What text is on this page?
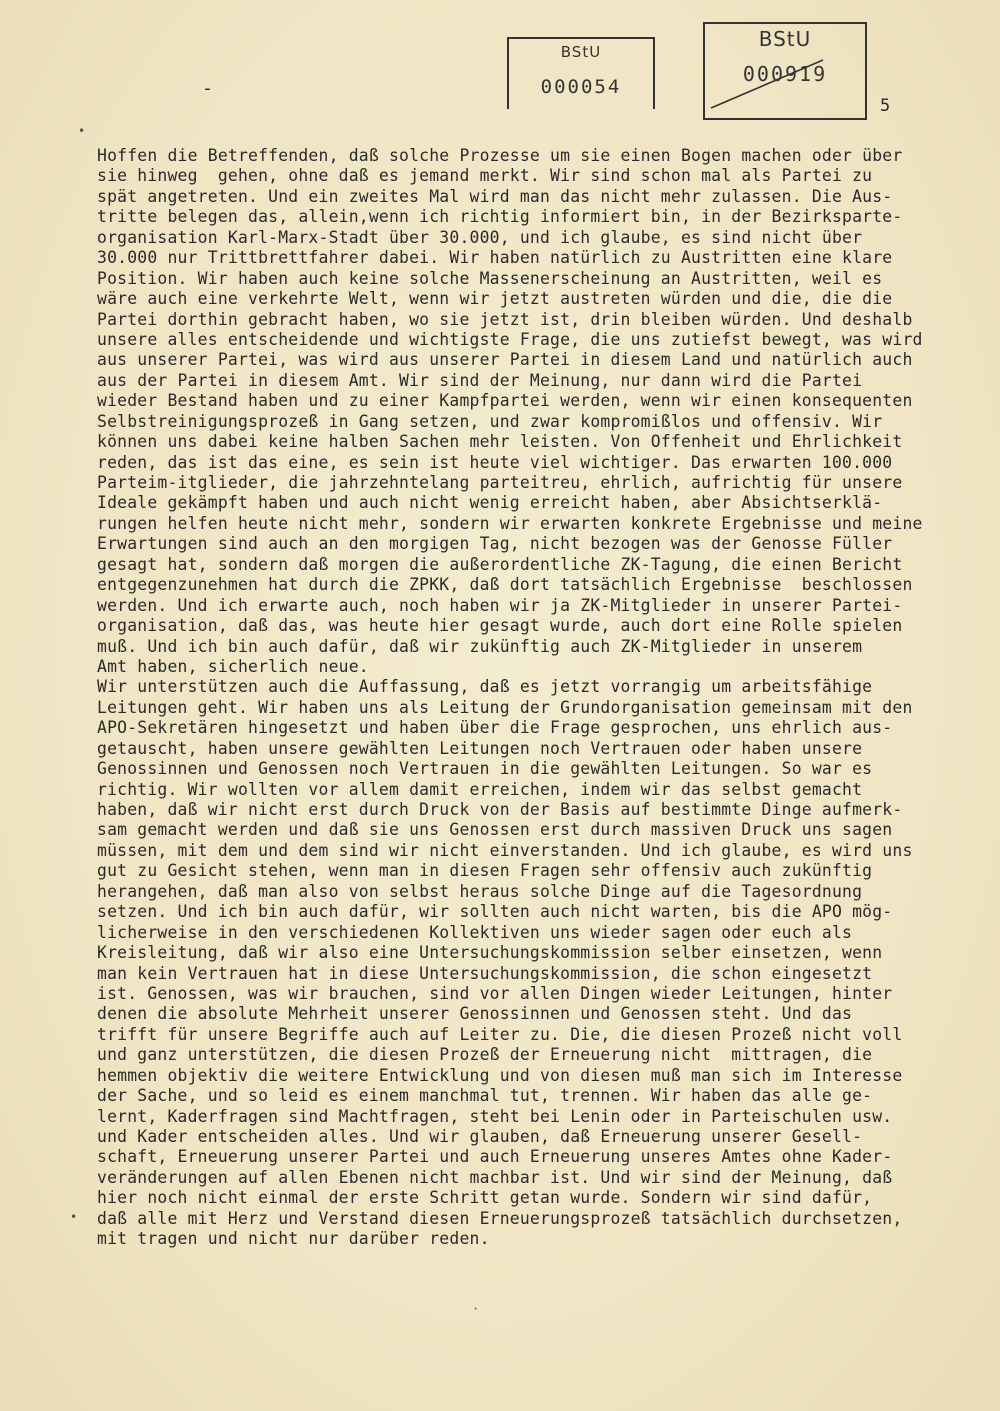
-
BStU
000054
BStU
000919
5
•
·
•
Hoffen die Betreffenden, daß solche Prozesse um sie einen Bogen machen oder über
sie hinweg  gehen, ohne daß es jemand merkt. Wir sind schon mal als Partei zu
spät angetreten. Und ein zweites Mal wird man das nicht mehr zulassen. Die Aus-
tritte belegen das, allein,wenn ich richtig informiert bin, in der Bezirksparte-
organisation Karl-Marx-Stadt über 30.000, und ich glaube, es sind nicht über
30.000 nur Trittbrettfahrer dabei. Wir haben natürlich zu Austritten eine klare
Position. Wir haben auch keine solche Massenerscheinung an Austritten, weil es
wäre auch eine verkehrte Welt, wenn wir jetzt austreten würden und die, die die
Partei dorthin gebracht haben, wo sie jetzt ist, drin bleiben würden. Und deshalb
unsere alles entscheidende und wichtigste Frage, die uns zutiefst bewegt, was wird
aus unserer Partei, was wird aus unserer Partei in diesem Land und natürlich auch
aus der Partei in diesem Amt. Wir sind der Meinung, nur dann wird die Partei
wieder Bestand haben und zu einer Kampfpartei werden, wenn wir einen konsequenten
Selbstreinigungsprozeß in Gang setzen, und zwar kompromißlos und offensiv. Wir
können uns dabei keine halben Sachen mehr leisten. Von Offenheit und Ehrlichkeit
reden, das ist das eine, es sein ist heute viel wichtiger. Das erwarten 100.000
Parteim-itglieder, die jahrzehntelang parteitreu, ehrlich, aufrichtig für unsere
Ideale gekämpft haben und auch nicht wenig erreicht haben, aber Absichtserklä-
rungen helfen heute nicht mehr, sondern wir erwarten konkrete Ergebnisse und meine
Erwartungen sind auch an den morgigen Tag, nicht bezogen was der Genosse Füller
gesagt hat, sondern daß morgen die außerordentliche ZK-Tagung, die einen Bericht
entgegenzunehmen hat durch die ZPKK, daß dort tatsächlich Ergebnisse  beschlossen
werden. Und ich erwarte auch, noch haben wir ja ZK-Mitglieder in unserer Partei-
organisation, daß das, was heute hier gesagt wurde, auch dort eine Rolle spielen
muß. Und ich bin auch dafür, daß wir zukünftig auch ZK-Mitglieder in unserem
Amt haben, sicherlich neue.
Wir unterstützen auch die Auffassung, daß es jetzt vorrangig um arbeitsfähige
Leitungen geht. Wir haben uns als Leitung der Grundorganisation gemeinsam mit den
APO-Sekretären hingesetzt und haben über die Frage gesprochen, uns ehrlich aus-
getauscht, haben unsere gewählten Leitungen noch Vertrauen oder haben unsere
Genossinnen und Genossen noch Vertrauen in die gewählten Leitungen. So war es
richtig. Wir wollten vor allem damit erreichen, indem wir das selbst gemacht
haben, daß wir nicht erst durch Druck von der Basis auf bestimmte Dinge aufmerk-
sam gemacht werden und daß sie uns Genossen erst durch massiven Druck uns sagen
müssen, mit dem und dem sind wir nicht einverstanden. Und ich glaube, es wird uns
gut zu Gesicht stehen, wenn man in diesen Fragen sehr offensiv auch zukünftig
herangehen, daß man also von selbst heraus solche Dinge auf die Tagesordnung
setzen. Und ich bin auch dafür, wir sollten auch nicht warten, bis die APO mög-
licherweise in den verschiedenen Kollektiven uns wieder sagen oder euch als
Kreisleitung, daß wir also eine Untersuchungskommission selber einsetzen, wenn
man kein Vertrauen hat in diese Untersuchungskommission, die schon eingesetzt
ist. Genossen, was wir brauchen, sind vor allen Dingen wieder Leitungen, hinter
denen die absolute Mehrheit unserer Genossinnen und Genossen steht. Und das
trifft für unsere Begriffe auch auf Leiter zu. Die, die diesen Prozeß nicht voll
und ganz unterstützen, die diesen Prozeß der Erneuerung nicht  mittragen, die
hemmen objektiv die weitere Entwicklung und von diesen muß man sich im Interesse
der Sache, und so leid es einem manchmal tut, trennen. Wir haben das alle ge-
lernt, Kaderfragen sind Machtfragen, steht bei Lenin oder in Parteischulen usw.
und Kader entscheiden alles. Und wir glauben, daß Erneuerung unserer Gesell-
schaft, Erneuerung unserer Partei und auch Erneuerung unseres Amtes ohne Kader-
veränderungen auf allen Ebenen nicht machbar ist. Und wir sind der Meinung, daß
hier noch nicht einmal der erste Schritt getan wurde. Sondern wir sind dafür,
daß alle mit Herz und Verstand diesen Erneuerungsprozeß tatsächlich durchsetzen,
mit tragen und nicht nur darüber reden.
